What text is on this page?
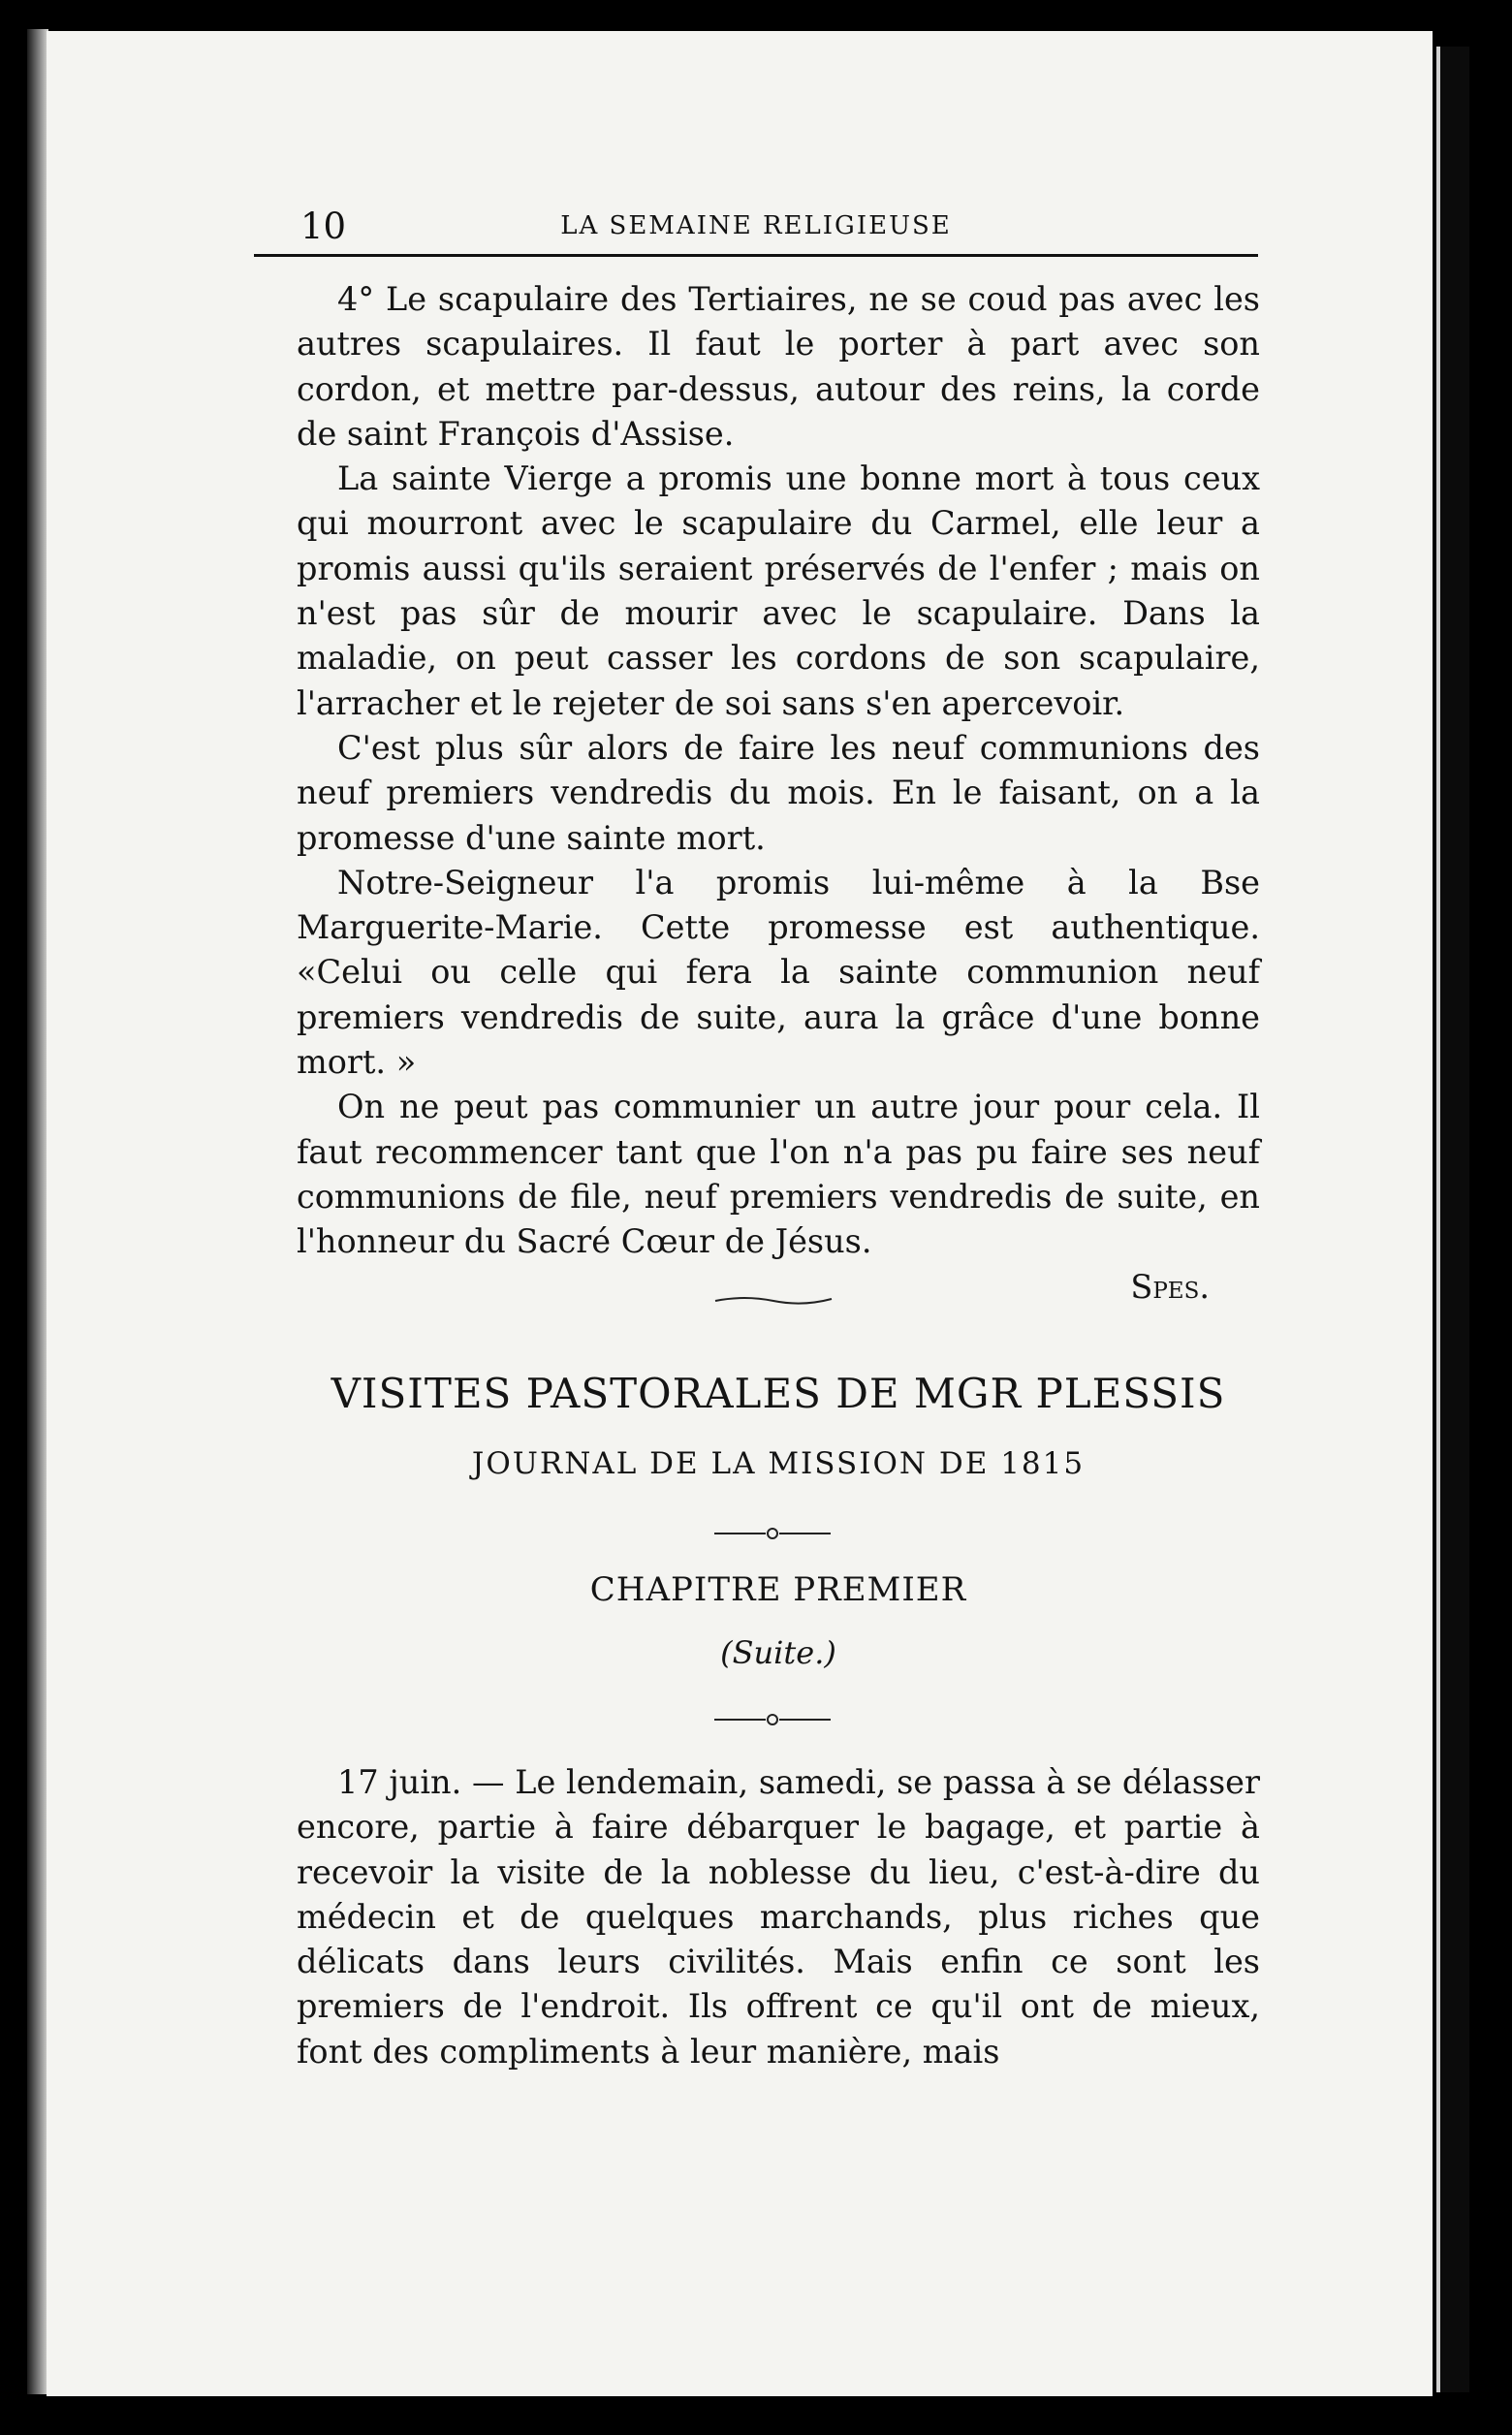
10	LA SEMAINE RELIGIEUSE

4° Le scapulaire des Tertiaires, ne se coud pas avec les autres scapulaires. Il faut le porter à part avec son cordon, et mettre par-dessus, autour des reins, la corde de saint François d'Assise.

La sainte Vierge a promis une bonne mort à tous ceux qui mourront avec le scapulaire du Carmel, elle leur a promis aussi qu'ils seraient préservés de l'enfer ; mais on n'est pas sûr de mourir avec le scapulaire. Dans la maladie, on peut casser les cordons de son scapulaire, l'arracher et le rejeter de soi sans s'en apercevoir.

C'est plus sûr alors de faire les neuf communions des neuf premiers vendredis du mois. En le faisant, on a la promesse d'une sainte mort.

Notre-Seigneur l'a promis lui-même à la Bse Marguerite-Marie. Cette promesse est authentique. «Celui ou celle qui fera la sainte communion neuf premiers vendredis de suite, aura la grâce d'une bonne mort. »

On ne peut pas communier un autre jour pour cela. Il faut recommencer tant que l'on n'a pas pu faire ses neuf communions de file, neuf premiers vendredis de suite, en l'honneur du Sacré Cœur de Jésus.

Spes.

VISITES PASTORALES DE MGR PLESSIS
JOURNAL DE LA MISSION DE 1815
CHAPITRE PREMIER
(Suite.)

17 juin. — Le lendemain, samedi, se passa à se délasser encore, partie à faire débarquer le bagage, et partie à recevoir la visite de la noblesse du lieu, c'est-à-dire du médecin et de quelques marchands, plus riches que délicats dans leurs civilités. Mais enfin ce sont les premiers de l'endroit. Ils offrent ce qu'il ont de mieux, font des compliments à leur manière, mais
